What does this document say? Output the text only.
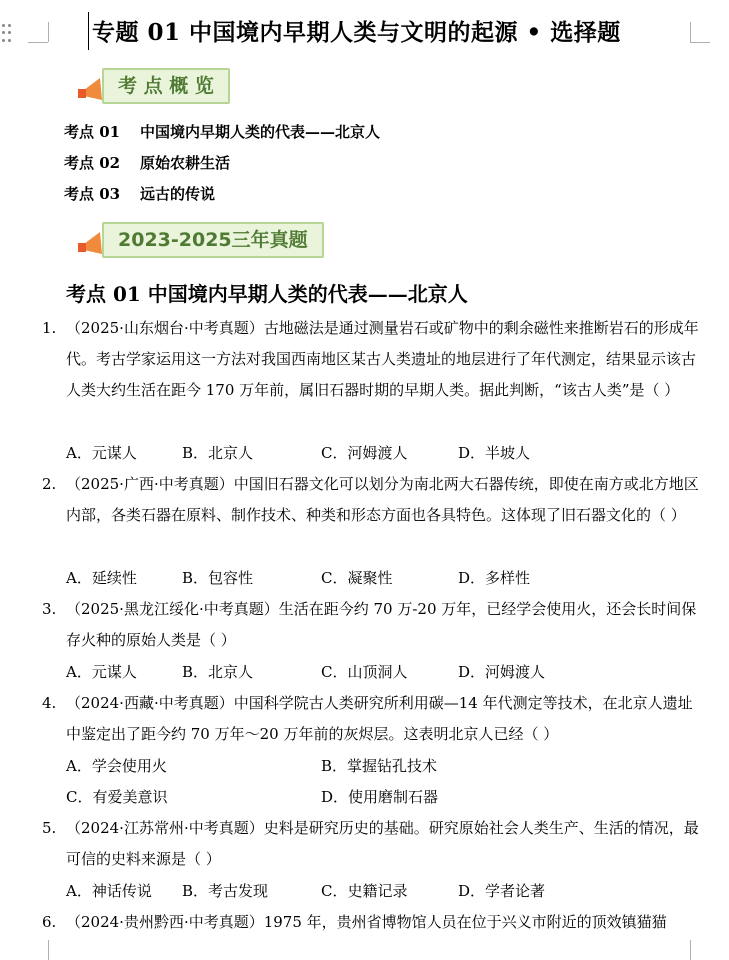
专题 01 中国境内早期人类与文明的起源 • 选择题
考 点 概 览
考点 01 中国境内早期人类的代表——北京人
考点 02 原始农耕生活
考点 03 远古的传说
2023-2025三年真题
考点 01 中国境内早期人类的代表——北京人
1. （2025·山东烟台·中考真题）古地磁法是通过测量岩石或矿物中的剩余磁性来推断岩石的形成年代。考古学家运用这一方法对我国西南地区某古人类遗址的地层进行了年代测定，结果显示该古人类大约生活在距今 170 万年前，属旧石器时期的早期人类。据此判断，“该古人类”是（ ）
A．元谋人	B．北京人	C．河姆渡人	D．半坡人
2. （2025·广西·中考真题）中国旧石器文化可以划分为南北两大石器传统，即使在南方或北方地区内部，各类石器在原料、制作技术、种类和形态方面也各具特色。这体现了旧石器文化的（ ）
A．延续性	B．包容性	C．凝聚性	D．多样性
3. （2025·黑龙江绥化·中考真题）生活在距今约 70 万-20 万年，已经学会使用火，还会长时间保存火种的原始人类是（ ）
A．元谋人	B．北京人	C．山顶洞人	D．河姆渡人
4. （2024·西藏·中考真题）中国科学院古人类研究所利用碳—14 年代测定等技术，在北京人遗址中鉴定出了距今约 70 万年～20 万年前的灰烬层。这表明北京人已经（ ）
A．学会使用火	B．掌握钻孔技术
C．有爱美意识	D．使用磨制石器
5. （2024·江苏常州·中考真题）史料是研究历史的基础。研究原始社会人类生产、生活的情况，最可信的史料来源是（ ）
A．神话传说 B．考古发现	C．史籍记录	D．学者论著
6. （2024·贵州黔西·中考真题）1975 年，贵州省博物馆人员在位于兴义市附近的顶效镇猫猫
